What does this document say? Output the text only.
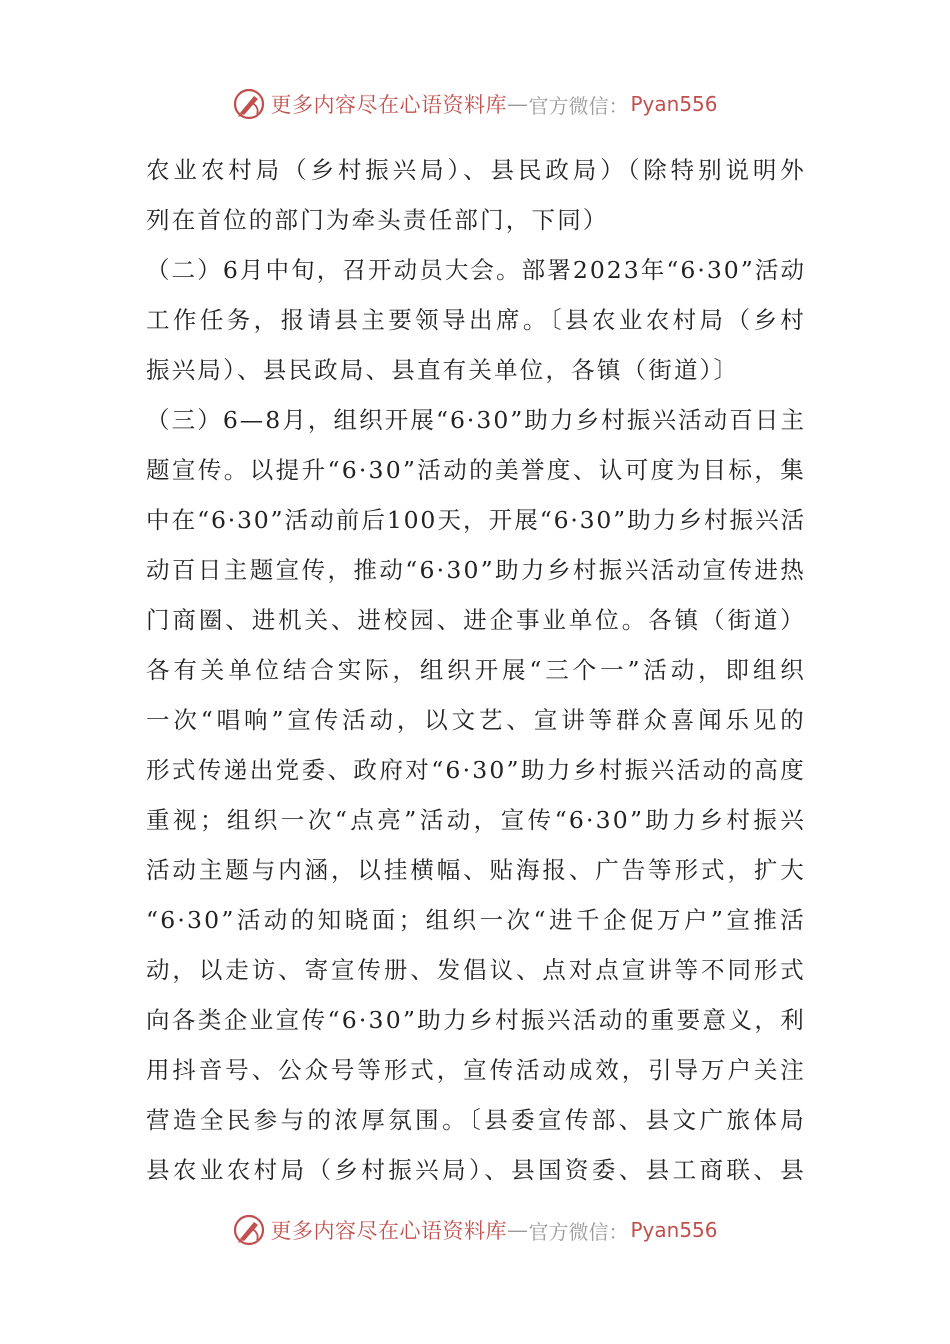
更多内容尽在心语资料库 — 官方微信： Pyan556
农业农村局（乡村振兴局）、县民政局）（除特别说明外
列在首位的部门为牵头责任部门，下同）
（二）6月中旬，召开动员大会。部署2023年“6·30”活动
工作任务，报请县主要领导出席。〔县农业农村局（乡村
振兴局）、县民政局、县直有关单位，各镇（街道）〕
（三）6—8月，组织开展“6·30”助力乡村振兴活动百日主
题宣传。以提升“6·30”活动的美誉度、认可度为目标，集
中在“6·30”活动前后100天，开展“6·30”助力乡村振兴活
动百日主题宣传，推动“6·30”助力乡村振兴活动宣传进热
门商圈、进机关、进校园、进企事业单位。各镇（街道）
各有关单位结合实际，组织开展“三个一”活动，即组织
一次“唱响”宣传活动，以文艺、宣讲等群众喜闻乐见的
形式传递出党委、政府对“6·30”助力乡村振兴活动的高度
重视；组织一次“点亮”活动，宣传“6·30”助力乡村振兴
活动主题与内涵，以挂横幅、贴海报、广告等形式，扩大
“6·30”活动的知晓面；组织一次“进千企促万户”宣推活
动，以走访、寄宣传册、发倡议、点对点宣讲等不同形式
向各类企业宣传“6·30”助力乡村振兴活动的重要意义，利
用抖音号、公众号等形式，宣传活动成效，引导万户关注
营造全民参与的浓厚氛围。〔县委宣传部、县文广旅体局
县农业农村局（乡村振兴局）、县国资委、县工商联、县
更多内容尽在心语资料库 — 官方微信： Pyan556
